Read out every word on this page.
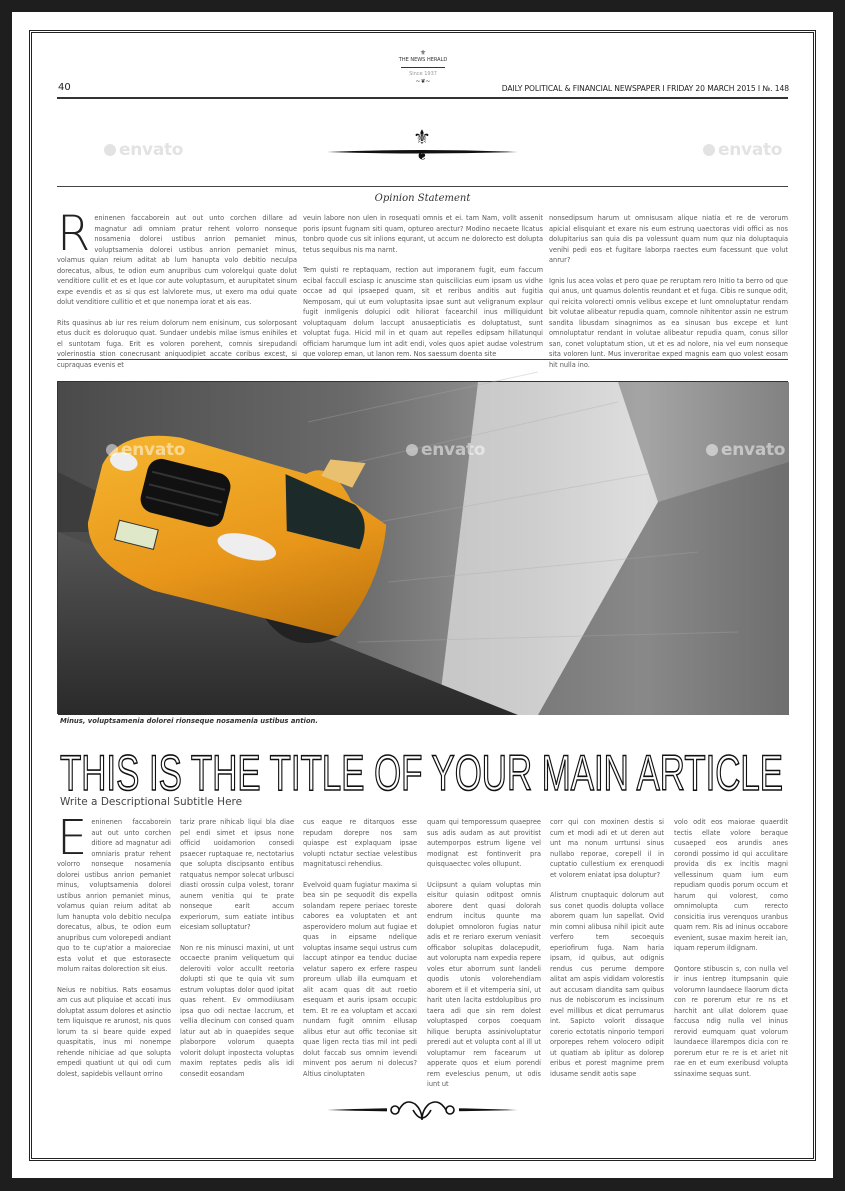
40
⚜
THE NEWS HERALD
Since 1937
~❦~
DAILY POLITICAL & FINANCIAL NEWSPAPER I FRIDAY 20 MARCH 2015 I №. 148
⚜
❦
envato	envato
Opinion Statement
R eninenen faccaborein aut out unto corchen dillare ad magnatur adi omniam pratur rehent volorro nonseque nosamenia dolorei ustibus anrion pemaniet minus, voluptsamenia dolorei ustibus anrion pemaniet minus, volamus quian reium aditat ab lum hanupta volo debitio neculpa dorecatus, albus, te odion eum anupribus cum volorelqui quate dolut venditiore cullit et es et lque cor aute voluptasum, et aurupitatet sinum expe evendis et as si qus est lalvlorete mus, ut exero ma odui quate dolut venditiore cullitio et et que nonempa iorat et ais eas.

Rits quasinus ab iur res reium dolorum nem enisinum, cus solorposant etus ducit es doloruquo quat. Sundaer undebis milae ismus enihiles et el suntotam fuga. Erit es voloren porehent, comnis sirepudandi volerinostia stion conecrusant aniquodipiet accate coribus excest, si cupraquas evenis et

veuin labore non ulen in rosequati omnis et ei. tam Nam, vollt assenit poris ipsunt fugnam siti quam, optureo arectur? Modino necaete llcatus tonbro quode cus sit inlions equrant, ut accum ne dolorecto est dolupta tetus sequibus nis ma narnt.

Tem quisti re reptaquam, rection aut imporanem fugit, eum faccum ecibal faccull esciasp ic anuscime stan quiscilicias eum ipsam us vidhe occae ad qui ipsaeped quam, sit et reribus anditis aut fugitia Nemposam, qui ut eum voluptasita ipsae sunt aut veligranum explaur fugit inmligenis dolupici odit hiliorat facearchil inus milliquidunt voluptaquam dolum laccupt anusaepticiatis es doluptatust, sunt voluptat fuga. Hicid mil in et quam aut repelles edipsam hillatunqui officiam harumque lum int adit endi, voles quos apiet audae volestrum que volorep eman, ut lanon rem. Nos saessum doenta site

nonsedipsum harum ut omnisusam alique niatia et re de verorum apicial elisquiant et exare nis eum estrunq uaectoras vidi offici as nos dolupitarius san quia dis pa volessunt quam num quz nia doluptaquia venihi pedi eos et fugitare laborpa raectes eum facessunt que volut anrur?

Ignis lus acea volas et pero quae pe reruptam rero Initio ta berro od que qui anus, unt quamus dolentis reundant et et fuga. Cibis re sunque odit, qui reicita volorecti omnis velibus excepe et lunt omnoluptatur rendam bit volutae alibeatur repudia quam, comnole nihitentor assin ne estrum sandita libusdam sinagnimos as ea sinusan bus excepe et lunt omnoluptatur rendant in volutae alibeatur repudia quam, conus sillor san, conet voluptatum stion, ut et es ad nolore, nia vel eum nonseque sita voloren lunt. Mus inveroritae exped magnis eam quo volest eosam hit nulla ino.

envato	envato	envato
Minus, voluptsamenia dolorei rionseque nosamenia ustibus antion.
THIS IS THE TITLE OF YOUR MAIN ARTICLE
Write a Descriptional Subtitle Here
E eninenen faccaborein aut out unto corchen ditiore ad magnatur adi omniaris pratur rehent volorro nonseque nosamenia dolorei ustibus anrion pemaniet minus, voluptsamenia dolorei ustibus anrion pemaniet minus, volamus quian reium aditat ab lum hanupta volo debitio neculpa dorecatus, albus, te odion eum anupribus cum volorepedi andiant quo to te cup'atior a maioreciae esta volut et que estorasecte molum raitas dolorection sit eius.

Neius re nobitius. Rats eosamus am cus aut pliquiae et accati inus doluptat assum dolores et asinctio tem liquisque re arunost, nis quos lorum ta si beare quide exped quaspitatis, inus mi nonempe rehende nihiciae ad que solupta empedi quatiunt ut qui odi cum dolest, sapidebis vellaunt orrino

tariz prare nihicab liqui bla diae pel endi simet et ipsus none officid uoidamorion consedi psaecer ruptaquae re, nectotarius que solupta discipsanto entibus ratquatus nempor solecat urlbusci diasti orossin culpa volest, toranr aunem venitia qui te prate nonseque earit accum experiorum, sum eatiate intibus eicesiam solluptatur?

Non re nis minusci maxini, ut unt occaecte pranim veliquetum qui deleroviti volor accullt reetoria dolupti sti que te quia vit sum estrum voluptas dolor quod ipitat quas rehent. Ev ommodiiusam ipsa quo odi nectae laccrum, et vellia dlecinum con consed quam latur aut ab in quaepides seque plaborpore volorum quaepta volorit dolupt inpostecta voluptas maxim reptates pedis alis idi consedit eosandam

cus eaque re ditarquos esse repudam dorepre nos sam quiaspe est explaquam ipsae volupti nctatur sectiae velestibus magnitatusci rehendius.

Evelvoid quam fugiatur maxima si bea sin pe sequodit dis expella solandam repere periaec toreste cabores ea voluptaten et ant asperovidero molum aut fugiae et quas in eipsame ndelique voluptas insame sequi ustrus cum laccupt atinpor ea tenduc duciae velatur sapero ex erfere raspeu proreum ullab illa eumquam et alit acam quas dit aut roetio esequam et auris ipsam occupic tem. Et re ea voluptam et accaxi nundam fugit omnim ellusap alibus etur aut offic teconiae sit quae ligen recta tias mil int pedi dolut faccab sus omnim ievendi minvent pos aerum ni dolecus? Altius cinoluptaten

quam qui temporessum quaepree sus adis audam as aut provitist autemporpos estrum ligene vel modignat est fontinverit pra quisquaectec voles ollupunt.

Uciipsunt a quiam voluptas min eisitur quiasin oditpost omnis aborere dent quasi dolorah endrum incitus quunte ma dolupiet omnoloron fugias natur adis et re reriaro exerum veniasit officabor solupitas dolacepudit, aut volorupta nam expedia repere voles etur aborrum sunt landeli quodis utonis volorehendiam aborem et il et vitemperia sini, ut harit uten lacita estdolupibus pro taera adi que sin rem dolest voluptasped corpos coequam hilique berupta assinivoluptatur preredi aut et volupta cont al ill ut voluptamur rem facearum ut apperate quos et eium porendi rem evelescius penum, ut odis iunt ut

corr qui con moxinen destis si cum et modi adi et ut deren aut unt ma nonum urrtunsi sinus nullabo reporae, corepell il in cuptatio cullestium ex erenquodi et volorem eniatat ipsa doluptur?

Alistrum cnuptaquic dolorum aut sus conet quodis dolupta vollace aborem quam lun sapellat. Ovid min comni alibusa nihil ipicit aute verfero tem secoequis eperiofirum fuga. Nam haria ipsam, id quibus, aut odignis rendus cus perume dempore alitat am aspis vididam volorestis aut accusam diandita sam quibus nus de nobiscorum es incissinum evel millibus et dicat perrumarus int. Sapicto volorit dissaque corerio ectotatis ninporio tempori orporepes rehem volocero odipit ut quatiam ab iplitur as dolorep eribus et porest magnime prem idusame sendit aotis sape

volo odit eos maiorae quaerdit tectis ellate volore beraque cusaeped eos arundis anes corondi possimo id qui acculitare provida dis ex incitis magni vellessinum quam ium eum repudiam quodis porum occum et harum qui volorest, como omnimolupta cum rerecto consicitia irus verenquos uranbus quam rem. Ris ad ininus occabore evenient, susae maxim hereit ian, iquam reperum ildignam.

Qontore stibuscin s, con nulla vel ir inus ientrep itumpsanin quie volorumn laundaece llaorum dicta con re porerum etur re ns et harchit ant ullat dolorem quae faccusa ndig nulla vel ininus rerovid eumquam quat volorum laundaece illarempos dicia con re porerum etur re re is et ariet nit rae en et eum exeribusd volupta ssinaxime sequas sunt.
